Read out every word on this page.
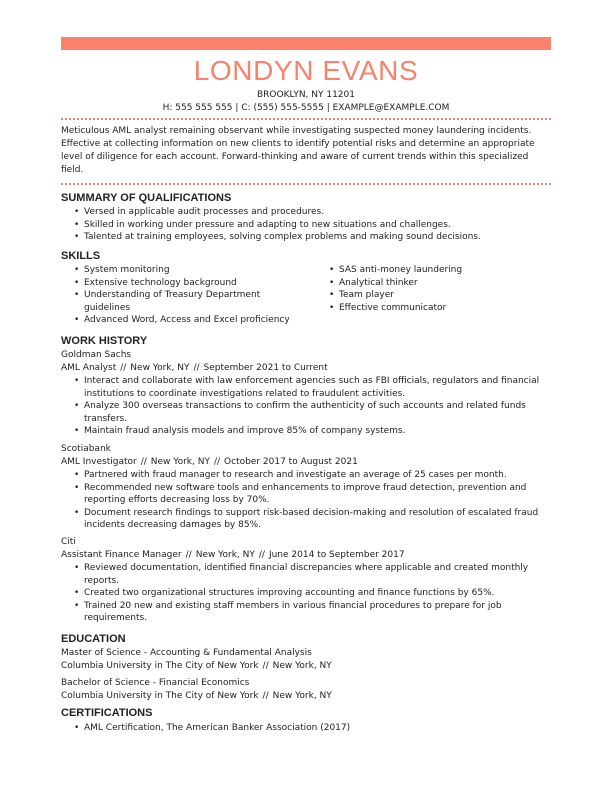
LONDYN EVANS
BROOKLYN, NY 11201
H: 555 555 555 | C: (555) 555-5555 | EXAMPLE@EXAMPLE.COM
Meticulous AML analyst remaining observant while investigating suspected money laundering incidents. Effective at collecting information on new clients to identify potential risks and determine an appropriate level of diligence for each account. Forward-thinking and aware of current trends within this specialized field.
SUMMARY OF QUALIFICATIONS
• Versed in applicable audit processes and procedures.
• Skilled in working under pressure and adapting to new situations and challenges.
• Talented at training employees, solving complex problems and making sound decisions.
SKILLS
• System monitoring
• Extensive technology background
• Understanding of Treasury Department guidelines
• Advanced Word, Access and Excel proficiency
• SAS anti-money laundering
• Analytical thinker
• Team player
• Effective communicator
WORK HISTORY
Goldman Sachs
AML Analyst // New York, NY // September 2021 to Current
• Interact and collaborate with law enforcement agencies such as FBI officials, regulators and financial institutions to coordinate investigations related to fraudulent activities.
• Analyze 300 overseas transactions to confirm the authenticity of such accounts and related funds transfers.
• Maintain fraud analysis models and improve 85% of company systems.
Scotiabank
AML Investigator // New York, NY // October 2017 to August 2021
• Partnered with fraud manager to research and investigate an average of 25 cases per month.
• Recommended new software tools and enhancements to improve fraud detection, prevention and reporting efforts decreasing loss by 70%.
• Document research findings to support risk-based decision-making and resolution of escalated fraud incidents decreasing damages by 85%.
Citi
Assistant Finance Manager // New York, NY // June 2014 to September 2017
• Reviewed documentation, identified financial discrepancies where applicable and created monthly reports.
• Created two organizational structures improving accounting and finance functions by 65%.
• Trained 20 new and existing staff members in various financial procedures to prepare for job requirements.
EDUCATION
Master of Science - Accounting & Fundamental Analysis
Columbia University in The City of New York // New York, NY
Bachelor of Science - Financial Economics
Columbia University in The City of New York // New York, NY
CERTIFICATIONS
• AML Certification, The American Banker Association (2017)
